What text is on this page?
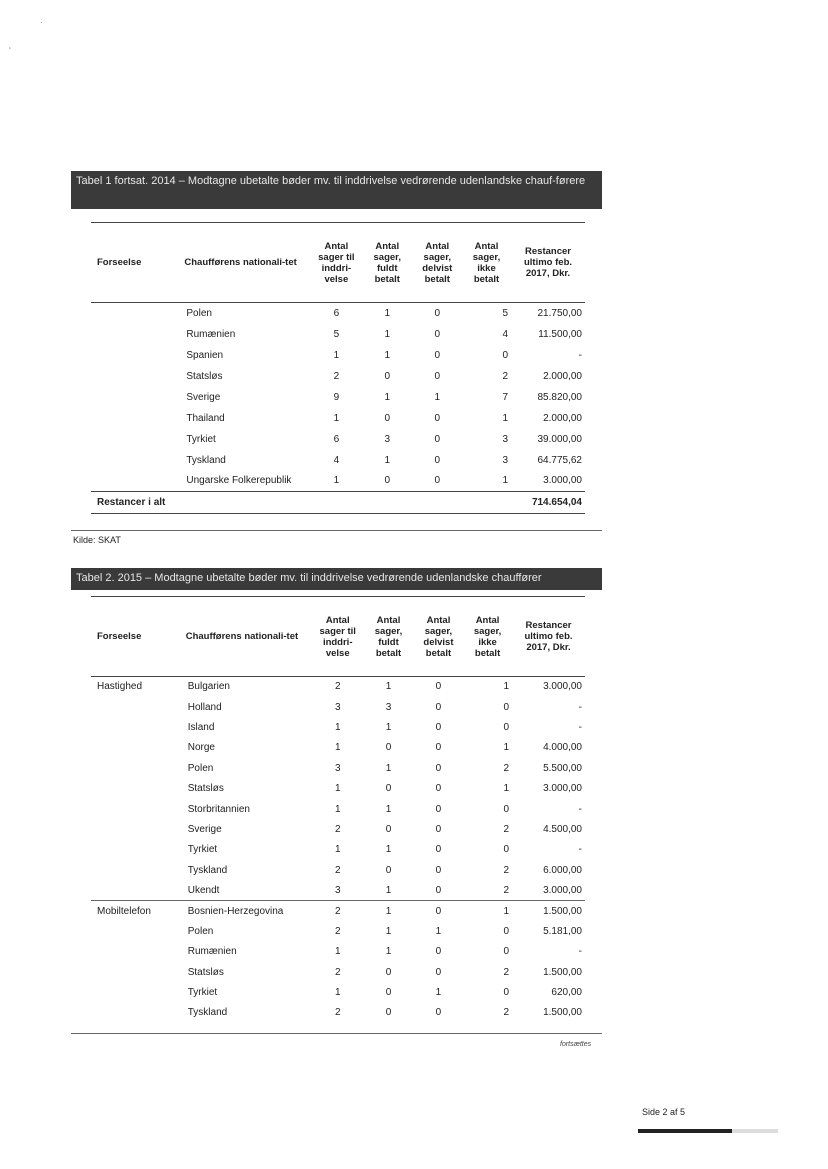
·
‘
Tabel 1 fortsat. 2014 – Modtagne ubetalte bøder mv. til inddrivelse vedrørende udenlandske chauf-førere
Forseelse	Chaufførens nationali-tet	Antal sager til inddri-velse	Antal sager, fuldt betalt	Antal sager, delvist betalt	Antal sager, ikke betalt	Restancer ultimo feb. 2017, Dkr.
	Polen	6	1	0	5	21.750,00
	Rumænien	5	1	0	4	11.500,00
	Spanien	1	1	0	0	-
	Statsløs	2	0	0	2	2.000,00
	Sverige	9	1	1	7	85.820,00
	Thailand	1	0	0	1	2.000,00
	Tyrkiet	6	3	0	3	39.000,00
	Tyskland	4	1	0	3	64.775,62
	Ungarske Folkerepublik	1	0	0	1	3.000,00
Restancer i alt						714.654,04
Kilde: SKAT
Tabel 2. 2015 – Modtagne ubetalte bøder mv. til inddrivelse vedrørende udenlandske chauffører
Forseelse	Chaufførens nationali-tet	Antal sager til inddri-velse	Antal sager, fuldt betalt	Antal sager, delvist betalt	Antal sager, ikke betalt	Restancer ultimo feb. 2017, Dkr.
Hastighed	Bulgarien	2	1	0	1	3.000,00
	Holland	3	3	0	0	-
	Island	1	1	0	0	-
	Norge	1	0	0	1	4.000,00
	Polen	3	1	0	2	5.500,00
	Statsløs	1	0	0	1	3.000,00
	Storbritannien	1	1	0	0	-
	Sverige	2	0	0	2	4.500,00
	Tyrkiet	1	1	0	0	-
	Tyskland	2	0	0	2	6.000,00
	Ukendt	3	1	0	2	3.000,00
Mobiltelefon	Bosnien-Herzegovina	2	1	0	1	1.500,00
	Polen	2	1	1	0	5.181,00
	Rumænien	1	1	0	0	-
	Statsløs	2	0	0	2	1.500,00
	Tyrkiet	1	0	1	0	620,00
	Tyskland	2	0	0	2	1.500,00
fortsættes
Side 2 af 5
